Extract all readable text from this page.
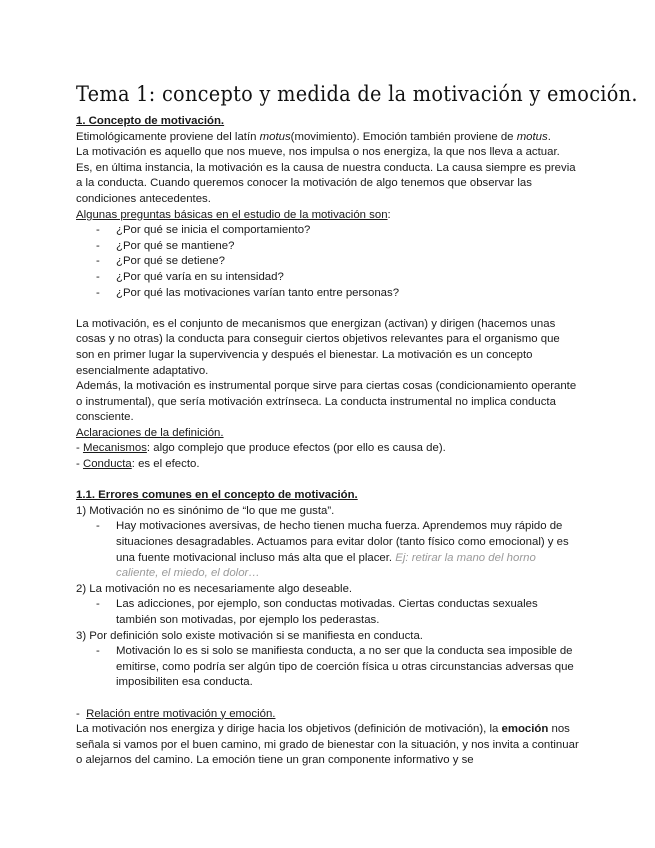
Tema 1: concepto y medida de la motivación y emoción.

1. Concepto de motivación.

Etimológicamente proviene del latín motus(movimiento). Emoción también proviene de motus.

La motivación es aquello que nos mueve, nos impulsa o nos energiza, la que nos lleva a actuar.

Es, en última instancia, la motivación es la causa de nuestra conducta. La causa siempre es previa a la conducta. Cuando queremos conocer la motivación de algo tenemos que observar las condiciones antecedentes.

Algunas preguntas básicas en el estudio de la motivación son:

- ¿Por qué se inicia el comportamiento?
- ¿Por qué se mantiene?
- ¿Por qué se detiene?
- ¿Por qué varía en su intensidad?
- ¿Por qué las motivaciones varían tanto entre personas?

La motivación, es el conjunto de mecanismos que energizan (activan) y dirigen (hacemos unas cosas y no otras) la conducta para conseguir ciertos objetivos relevantes para el organismo que son en primer lugar la supervivencia y después el bienestar. La motivación es un concepto esencialmente adaptativo.

Además, la motivación es instrumental porque sirve para ciertas cosas (condicionamiento operante o instrumental), que sería motivación extrínseca. La conducta instrumental no implica conducta consciente.

Aclaraciones de la definición.

- Mecanismos: algo complejo que produce efectos (por ello es causa de).

- Conducta: es el efecto.

1.1. Errores comunes en el concepto de motivación.

1) Motivación no es sinónimo de “lo que me gusta”.

- Hay motivaciones aversivas, de hecho tienen mucha fuerza. Aprendemos muy rápido de situaciones desagradables. Actuamos para evitar dolor (tanto físico como emocional) y es una fuente motivacional incluso más alta que el placer. Ej: retirar la mano del horno caliente, el miedo, el dolor…

2) La motivación no es necesariamente algo deseable.

- Las adicciones, por ejemplo, son conductas motivadas. Ciertas conductas sexuales también son motivadas, por ejemplo los pederastas.

3) Por definición solo existe motivación si se manifiesta en conducta.

- Motivación lo es si solo se manifiesta conducta, a no ser que la conducta sea imposible de emitirse, como podría ser algún tipo de coerción física u otras circunstancias adversas que imposibiliten esa conducta.

- Relación entre motivación y emoción.

La motivación nos energiza y dirige hacia los objetivos (definición de motivación), la emoción nos señala si vamos por el buen camino, mi grado de bienestar con la situación, y nos invita a continuar o alejarnos del camino. La emoción tiene un gran componente informativo y se
